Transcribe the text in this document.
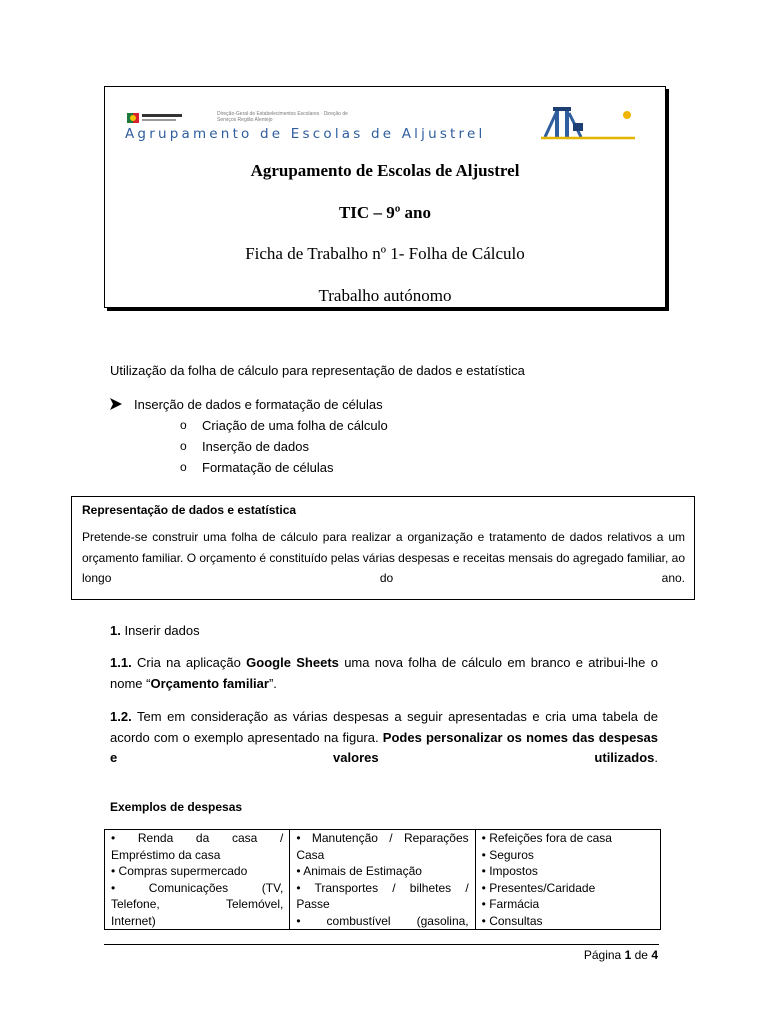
Direção-Geral de Estabelecimentos Escolares · Direção de Serviços Região Alentejo
Agrupamento de Escolas de Aljustrel
Agrupamento de Escolas de Aljustrel
TIC – 9º ano
Ficha de Trabalho nº 1- Folha de Cálculo
Trabalho autónomo
Utilização da folha de cálculo para representação de dados e estatística
Inserção de dados e formatação de células
o Criação de uma folha de cálculo
o Inserção de dados
o Formatação de células
Representação de dados e estatística
Pretende-se construir uma folha de cálculo para realizar a organização e tratamento de dados relativos a um orçamento familiar. O orçamento é constituído pelas várias despesas e receitas mensais do agregado familiar, ao longo do ano.
1. Inserir dados
1.1. Cria na aplicação Google Sheets uma nova folha de cálculo em branco e atribui-lhe o nome “Orçamento familiar”.
1.2. Tem em consideração as várias despesas a seguir apresentadas e cria uma tabela de acordo com o exemplo apresentado na figura. Podes personalizar os nomes das despesas e valores utilizados.
Exemplos de despesas
• Renda da casa /
Empréstimo da casa
• Compras supermercado
• Comunicações (TV,
Telefone, Telemóvel,
Internet)

• Manutenção / Reparações
Casa
• Animais de Estimação
• Transportes / bilhetes /
Passe
• combustível (gasolina,

• Refeições fora de casa
• Seguros
• Impostos
• Presentes/Caridade
• Farmácia
• Consultas
Página 1 de 4
